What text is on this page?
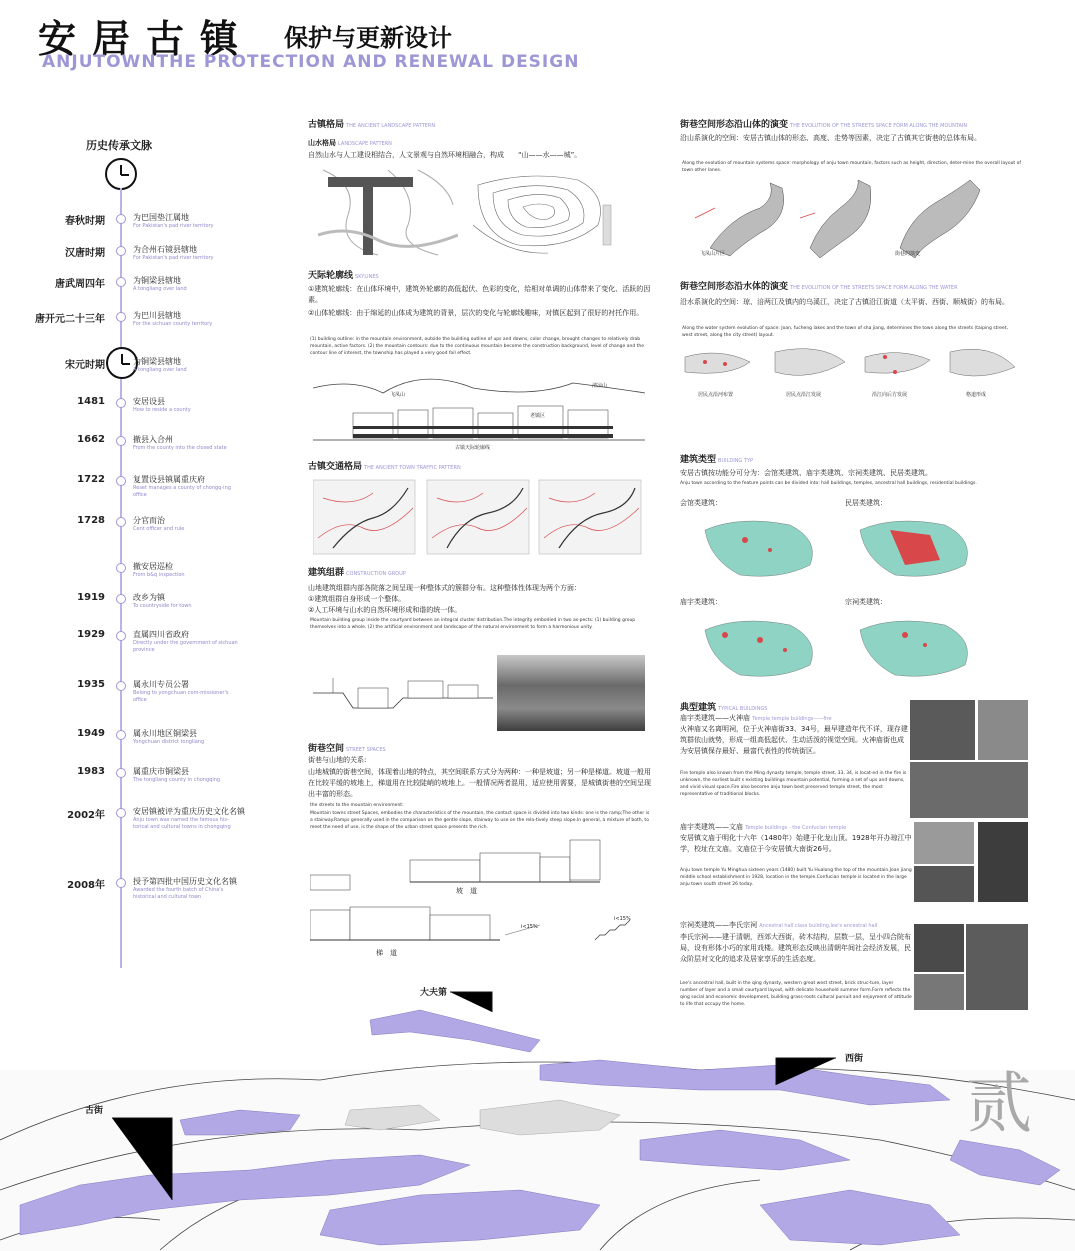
安居古镇 保护与更新设计
ANJUTOWNTHE PROTECTION AND RENEWAL DESIGN
历史传承文脉
春秋时期	为巴国垫江属地
For Pakistan's pad river territory
汉唐时期	为合州石镜县辖地
For Pakistan's pad river territory
唐武周四年	为铜梁县辖地
A tongliang over land
唐开元二十三年	为巴川县辖地
For the sichuan county territory
宋元时期	为铜梁县辖地
A tongliang over land
1481	安居设县
How to reside a county
1662	撤县入合州
From the county into the closed state
1722	复置设县镇属重庆府
Reset manages a county of chongq-ing office
1728	分官而治
Cent officer and rule
撤安居巡检
From b&q inspection
1919	改乡为镇
To countryside for town
1929	直属四川省政府
Directly under the government of sichuan province
1935	属永川专员公署
Belong to yongchuan com-missioner's office
1949	属永川地区铜梁县
Yongchuan district tongliang
1983	属重庆市铜梁县
The tongliang county in chongqing
2002年	安居镇被评为重庆历史文化名镇
Anju town was named the famous his-torical and cultural towns in chongqing
2008年	授予第四批中国历史文化名镇
Awarded the fourth batch of China's historical and cultural town
古镇格局 THE ANCIENT LANDSCAPE PATTERN
山水格局 LANDSCAPE PATTERN
自然山水与人工建设相结合，人文景观与自然环境相融合，构成　　“山——水——城”。
天际轮廓线 SKYLINES
①建筑轮廓线：在山体环境中，建筑外轮廓的高低起伏、色彩的变化，给相对单调的山体带来了变化、活跃的因素。
②山体轮廓线：由于绵延的山体成为建筑的背景，层次的变化与轮廓线趣味，对镇区起到了很好的衬托作用。
(1) building outline: in the mountain environment, outside the building outline of ups and downs, color change, brought changes to relatively drab mountain, active factors. (2) the mountain contours: due to the continuous mountain become the construction background, level of change and the contour line of interest, the township has played a very good foil effect.
飞凤山
清凉山
老镇区
古镇天际轮廓线
古镇交通格局 THE ANCIENT TOWN TRAFFIC PATTERN
建筑组群 CONSTRUCTION GROUP
山地建筑组群内部各院落之间呈现一种整体式的簇群分布。这种整体性体现为两个方面：
①建筑组群自身形成一个整体。
②人工环境与山水的自然环境形成和谐的统一体。
Mountain building group inside the courtyard between an integral cluster distribution.The integrity embodied in two as-pects: (1) building group themselves into a whole. (2) the artificial environment and landscape of the natural environment to form a harmonious unity.
街巷空间 STREET SPACES
街巷与山地的关系:
山地城镇的街巷空间，体现着山地的特点，其空间联系方式分为两种：一种是坡道；另一种是梯道。坡道一般用在比较平缓的坡地上，梯道用在比较陡峭的坡地上。一般情况两者混用，适应使用需要，是城镇街巷的空间呈现出丰富的形态。
the streets to the mountain environment:
Mountain towns street Spaces, embodies the characteristics of the mountain, the contact space is divided into two kinds: one is the ramp;The other is a stairway.Ramps generally used in the comparison on the gentle slope, stairway to use on the rela-tively steep slope.In general, a mixture of both, to meet the need of use, is the shape of the urban street space presents the rich.
坡　道
梯　道
i<15%
i<15%
街巷空间形态沿山体的演变 THE EVOLUTION OF THE STREETS SPACE FORM ALONG THE MOUNTAIN
沿山系演化的空间：安居古镇山体的形态、高度、走势等因素，决定了古镇其它街巷的总体布局。
Along the evolution of mountain systems space: morphology of anju town mountain, factors such as height, direction, deter-mine the overall layout of town other lanes.
飞凤山片区	街巷的演变
街巷空间形态沿水体的演变 THE EVOLUTION OF THE STREETS SPACE FORM ALONG THE WATER
沿水系演化的空间：琼、涪两江及镇内的乌溪江，决定了古镇沿江街道（太平街、西街、顺城街）的布局。
Along the water system evolution of space: Joan, fucheng lakes and the town of sha jiang, determines the town along the streets (taiping street, west street, along the city street) layout.
居民点沿河布置	居民点沿江发展	沿江向后方发展	格道形成
建筑类型 BUILDING TYP
安居古镇按功能分可分为：会馆类建筑、庙宇类建筑、宗祠类建筑、民居类建筑。
Anju town according to the feature points can be divided into: hall buildings, temples, ancestral hall buildings, residential buildings.
会馆类建筑：	民居类建筑：
庙宇类建筑：	宗祠类建筑：
典型建筑 TYPICAL BUILDINGS
庙宇类建筑——火神庙 Temple temple buildings——fire
火神庙又名离明祠，位于火神庙街33、34号，最早建造年代不详，现存建筑群依山就势，形成一组高低起伏、生动活泼的视觉空间。火神庙街也成为安居镇保存最好、最富代表性的传统街区。
Fire temple also known from the Ming dynasty temple, temple street, 33, 34, is locat-ed in the fire is unknown, the earliest built s existing buildings mountain potential, forming a set of ups and downs, and vivid visual space.Fire also become anju town best preserved temple street, the most representative of traditional blocks.
庙宇类建筑——文庙 Temple buildings - the Confucian temple
安居镇文庙于明化十六年（1480年）始建于化龙山顶。1928年开办琼江中学，校址在文庙。文庙位于今安居镇大南街26号。
Anju town temple Yu Minghua sixteen years (1480) built Yu Hualong the top of the mountain.Joan jiang middle school establishment in 1928, location in the temple.Confucian temple is located in the large anju town south street 26 today.
宗祠类建筑——李氏宗祠 Ancestral hall class building,lee's ancestral hall
李氏宗祠——建于清朝，西郊大西街，砖木结构，层数一层，呈小四合院布局，设有形体小巧的家用戏楼。建筑形态反映出清朝年间社会经济发展，民众阶层对文化的追求及居家享乐的生活态度。
Lee's ancestral hall, built in the qing dynasty, western great west street, brick struc-ture, layer number of layer and a small courtyard layout, with delicate household summer form.Form reflects the qing social and economic development, building grass-roots cultural pursuit and enjoyment of attitude to life that occupy the home.
大夫第
西街
古街	贰
